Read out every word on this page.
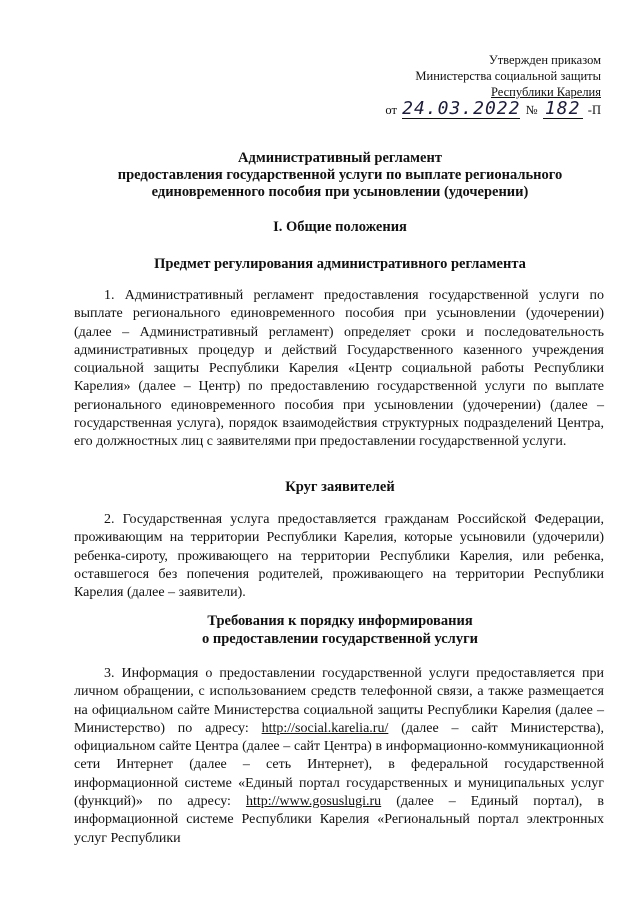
Утвержден приказом
Министерства социальной защиты
Республики Карелия
от 24.03.2022 № 182 -П
Административный регламент
предоставления государственной услуги по выплате регионального
единовременного пособия при усыновлении (удочерении)
I. Общие положения
Предмет регулирования административного регламента

1. Административный регламент предоставления государственной услуги по выплате регионального единовременного пособия при усыновлении (удочерении) (далее – Административный регламент) определяет сроки и последовательность административных процедур и действий Государственного казенного учреждения социальной защиты Республики Карелия «Центр социальной работы Республики Карелия» (далее – Центр) по предоставлению государственной услуги по выплате регионального единовременного пособия при усыновлении (удочерении) (далее – государственная услуга), порядок взаимодействия структурных подразделений Центра, его должностных лиц с заявителями при предоставлении государственной услуги.

Круг заявителей

2. Государственная услуга предоставляется гражданам Российской Федерации, проживающим на территории Республики Карелия, которые усыновили (удочерили) ребенка-сироту, проживающего на территории Республики Карелия, или ребенка, оставшегося без попечения родителей, проживающего на территории Республики Карелия (далее – заявители).

Требования к порядку информирования
о предоставлении государственной услуги

3. Информация о предоставлении государственной услуги предоставляется при личном обращении, с использованием средств телефонной связи, а также размещается на официальном сайте Министерства социальной защиты Республики Карелия (далее – Министерство) по адресу: http://social.karelia.ru/ (далее – сайт Министерства), официальном сайте Центра (далее – сайт Центра) в информационно-коммуникационной сети Интернет (далее – сеть Интернет), в федеральной государственной информационной системе «Единый портал государственных и муниципальных услуг (функций)» по адресу: http://www.gosuslugi.ru (далее – Единый портал), в информационной системе Республики Карелия «Региональный портал электронных услуг Республики
